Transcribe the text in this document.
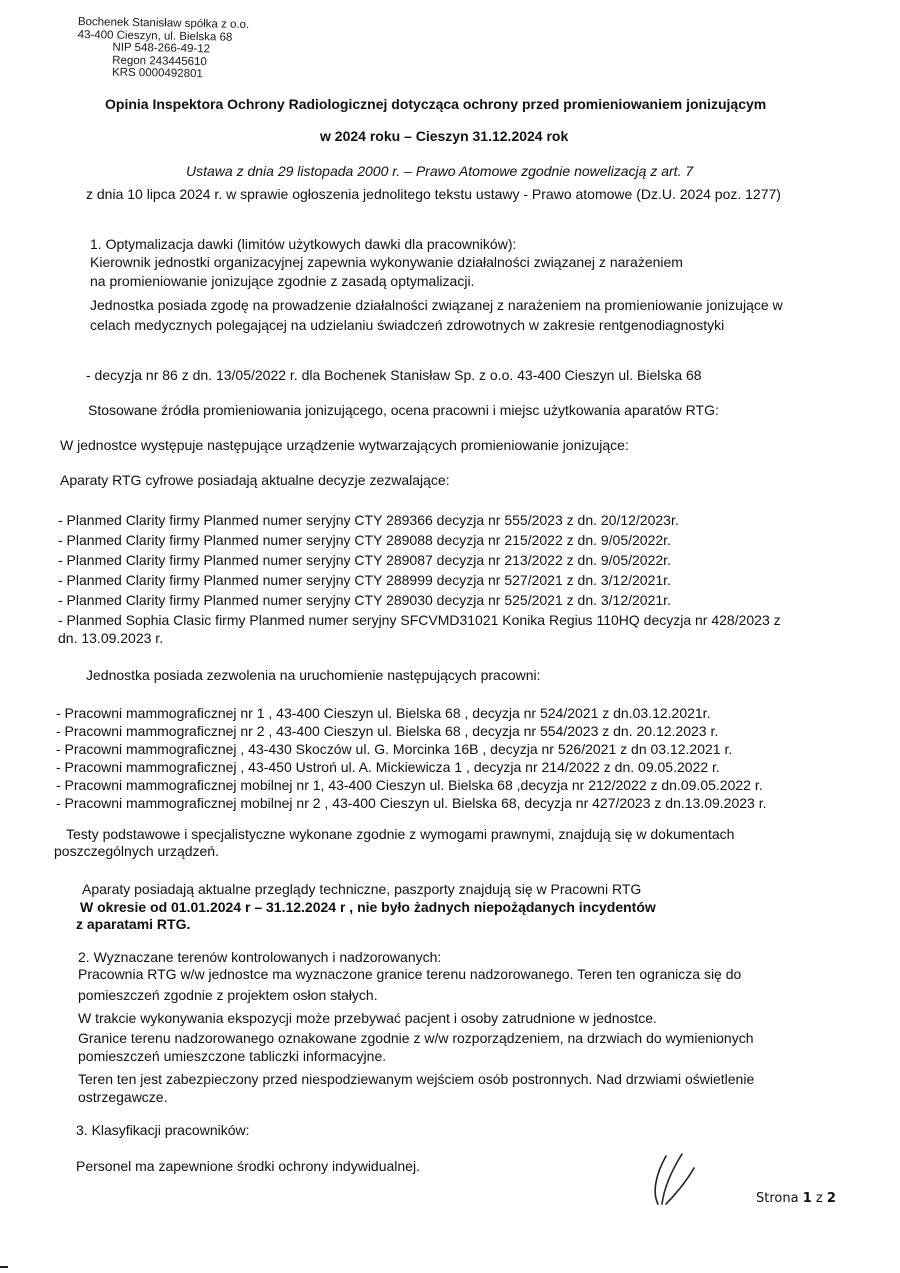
Bochenek Stanisław spółka z o.o.
43-400 Cieszyn, ul. Bielska 68
NIP 548-266-49-12
Regon 243445610
KRS 0000492801
Opinia Inspektora Ochrony Radiologicznej dotycząca ochrony przed promieniowaniem jonizującym
w 2024 roku – Cieszyn 31.12.2024 rok
Ustawa z dnia 29 listopada 2000 r. – Prawo Atomowe zgodnie nowelizacją z art. 7
z dnia 10 lipca 2024 r. w sprawie ogłoszenia jednolitego tekstu ustawy - Prawo atomowe (Dz.U. 2024 poz. 1277)
1. Optymalizacja dawki (limitów użytkowych dawki dla pracowników):
Kierownik jednostki organizacyjnej zapewnia wykonywanie działalności związanej z narażeniem
na promieniowanie jonizujące zgodnie z zasadą optymalizacji.
Jednostka posiada zgodę na prowadzenie działalności związanej z narażeniem na promieniowanie jonizujące w
celach medycznych polegającej na udzielaniu świadczeń zdrowotnych w zakresie rentgenodiagnostyki
- decyzja nr 86 z dn. 13/05/2022 r. dla Bochenek Stanisław Sp. z o.o. 43-400 Cieszyn ul. Bielska 68
Stosowane źródła promieniowania jonizującego, ocena pracowni i miejsc użytkowania aparatów RTG:
W jednostce występuje następujące urządzenie wytwarzających promieniowanie jonizujące:
Aparaty RTG cyfrowe posiadają aktualne decyzje zezwalające:
- Planmed Clarity firmy Planmed numer seryjny CTY 289366 decyzja nr 555/2023 z dn. 20/12/2023r.
- Planmed Clarity firmy Planmed numer seryjny CTY 289088 decyzja nr 215/2022 z dn. 9/05/2022r.
- Planmed Clarity firmy Planmed numer seryjny CTY 289087 decyzja nr 213/2022 z dn. 9/05/2022r.
- Planmed Clarity firmy Planmed numer seryjny CTY 288999 decyzja nr 527/2021 z dn. 3/12/2021r.
- Planmed Clarity firmy Planmed numer seryjny CTY 289030 decyzja nr 525/2021 z dn. 3/12/2021r.
- Planmed Sophia Clasic firmy Planmed numer seryjny SFCVMD31021 Konika Regius 110HQ decyzja nr 428/2023 z
dn. 13.09.2023 r.
Jednostka posiada zezwolenia na uruchomienie następujących pracowni:
- Pracowni mammograficznej nr 1 , 43-400 Cieszyn ul. Bielska 68 , decyzja nr 524/2021 z dn.03.12.2021r.
- Pracowni mammograficznej nr 2 , 43-400 Cieszyn ul. Bielska 68 , decyzja nr 554/2023 z dn. 20.12.2023 r.
- Pracowni mammograficznej , 43-430 Skoczów ul. G. Morcinka 16B , decyzja nr 526/2021 z dn 03.12.2021 r.
- Pracowni mammograficznej , 43-450 Ustroń ul. A. Mickiewicza 1 , decyzja nr 214/2022 z dn. 09.05.2022 r.
- Pracowni mammograficznej mobilnej nr 1, 43-400 Cieszyn ul. Bielska 68 ,decyzja nr 212/2022 z dn.09.05.2022 r.
- Pracowni mammograficznej mobilnej nr 2 , 43-400 Cieszyn ul. Bielska 68, decyzja nr 427/2023 z dn.13.09.2023 r.
Testy podstawowe i specjalistyczne wykonane zgodnie z wymogami prawnymi, znajdują się w dokumentach
poszczególnych urządzeń.
Aparaty posiadają aktualne przeglądy techniczne, paszporty znajdują się w Pracowni RTG
W okresie od 01.01.2024 r – 31.12.2024 r , nie było żadnych niepożądanych incydentów
z aparatami RTG.
2. Wyznaczane terenów kontrolowanych i nadzorowanych:
Pracownia RTG w/w jednostce ma wyznaczone granice terenu nadzorowanego. Teren ten ogranicza się do
pomieszczeń zgodnie z projektem osłon stałych.
W trakcie wykonywania ekspozycji może przebywać pacjent i osoby zatrudnione w jednostce.
Granice terenu nadzorowanego oznakowane zgodnie z w/w rozporządzeniem, na drzwiach do wymienionych
pomieszczeń umieszczone tabliczki informacyjne.
Teren ten jest zabezpieczony przed niespodziewanym wejściem osób postronnych. Nad drzwiami oświetlenie
ostrzegawcze.
3. Klasyfikacji pracowników:
Personel ma zapewnione środki ochrony indywidualnej.
Strona 1 z 2
